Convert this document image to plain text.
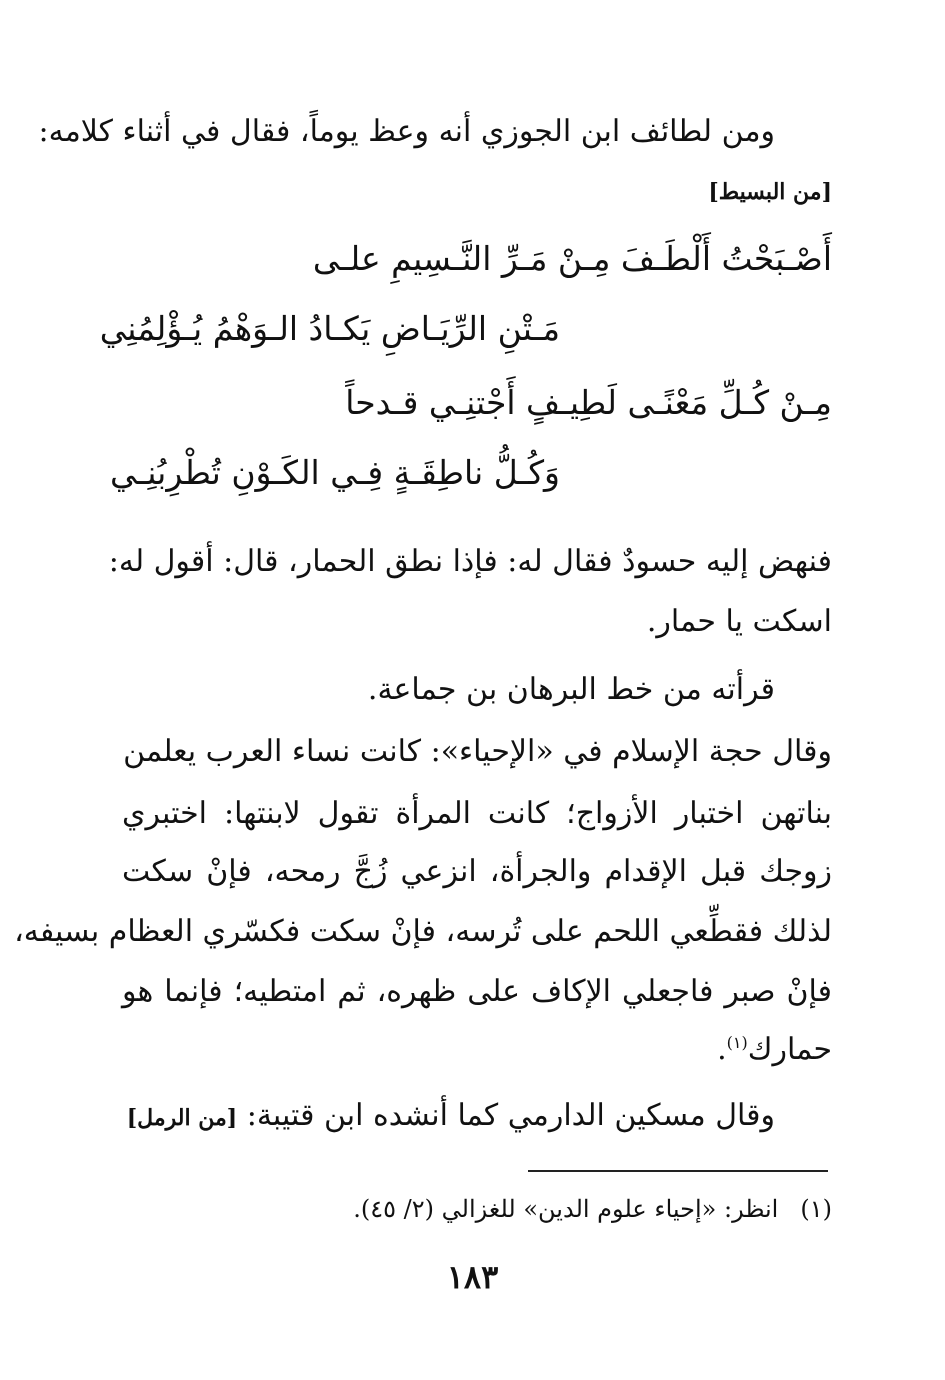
ومن لطائف ابن الجوزي أنه وعظ يوماً، فقال في أثناء كلامه:
[من البسيط]
أَصْـبَحْتُ أَلْطَـفَ مِـنْ مَـرِّ النَّـسِيمِ علـى
مَـتْنِ الرِّيَـاضِ يَكـادُ الـوَهْمُ يُـؤْلِمُنِي
مِـنْ كُـلِّ مَعْنًـى لَطِيـفٍ أَجْتنِـي قـدحاً
وَكُـلُّ ناطِقَـةٍ فِـي الكَـوْنِ تُطْرِبُنِـي
فنهض إليه حسودٌ فقال له: فإذا نطق الحمار، قال: أقول له:
اسكت يا حمار.
قرأته من خط البرهان بن جماعة.
وقال حجة الإسلام في «الإحياء»: كانت نساء العرب يعلمن
بناتهن اختبار الأزواج؛ كانت المرأة تقول لابنتها: اختبري
زوجك قبل الإقدام والجرأة، انزعي زُجَّ رمحه، فإنْ سكت
لذلك فقطِّعي اللحم على تُرسه، فإنْ سكت فكسّري العظام بسيفه،
فإنْ صبر فاجعلي الإكاف على ظهره، ثم امتطيه؛ فإنما هو
حمارك$^{(١)}$.
وقال مسكين الدارمي كما أنشده ابن قتيبة: [من الرمل]
(١)انظر: «إحياء علوم الدين» للغزالي (٢/ ٤٥).
١٨٣
